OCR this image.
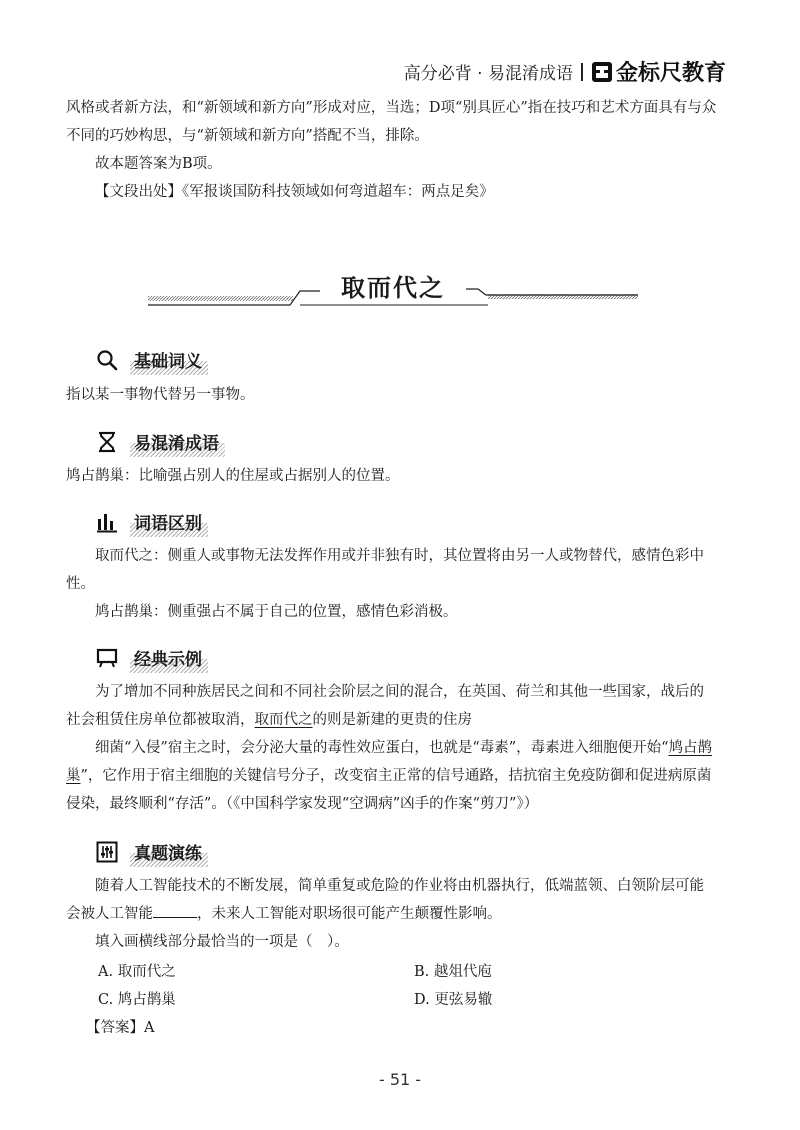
高分必背 · 易混淆成语 金标尺教育

风格或者新方法，和“新领域和新方向”形成对应，当选；D项“别具匠心”指在技巧和艺术方面具有与众不同的巧妙构思，与“新领域和新方向”搭配不当，排除。

故本题答案为B项。

【文段出处】《军报谈国防科技领域如何弯道超车：两点足矣》

取而代之
基础词义

指以某一事物代替另一事物。

易混淆成语

鸠占鹊巢：比喻强占别人的住屋或占据别人的位置。

词语区别

取而代之：侧重人或事物无法发挥作用或并非独有时，其位置将由另一人或物替代，感情色彩中性。

鸠占鹊巢：侧重强占不属于自己的位置，感情色彩消极。

经典示例

为了增加不同种族居民之间和不同社会阶层之间的混合，在英国、荷兰和其他一些国家，战后的社会租赁住房单位都被取消，取而代之的则是新建的更贵的住房

细菌“入侵”宿主之时，会分泌大量的毒性效应蛋白，也就是“毒素”，毒素进入细胞便开始“鸠占鹊巢”，它作用于宿主细胞的关键信号分子，改变宿主正常的信号通路，拮抗宿主免疫防御和促进病原菌侵染，最终顺利“存活”。（《中国科学家发现“空调病”凶手的作案“剪刀”》）

真题演练

随着人工智能技术的不断发展，简单重复或危险的作业将由机器执行，低端蓝领、白领阶层可能会被人工智能	，未来人工智能对职场很可能产生颠覆性影响。

填入画横线部分最恰当的一项是（　）。

A. 取而代之	B. 越俎代庖
C. 鸠占鹊巢	D. 更弦易辙
【答案】A
- 51 -
